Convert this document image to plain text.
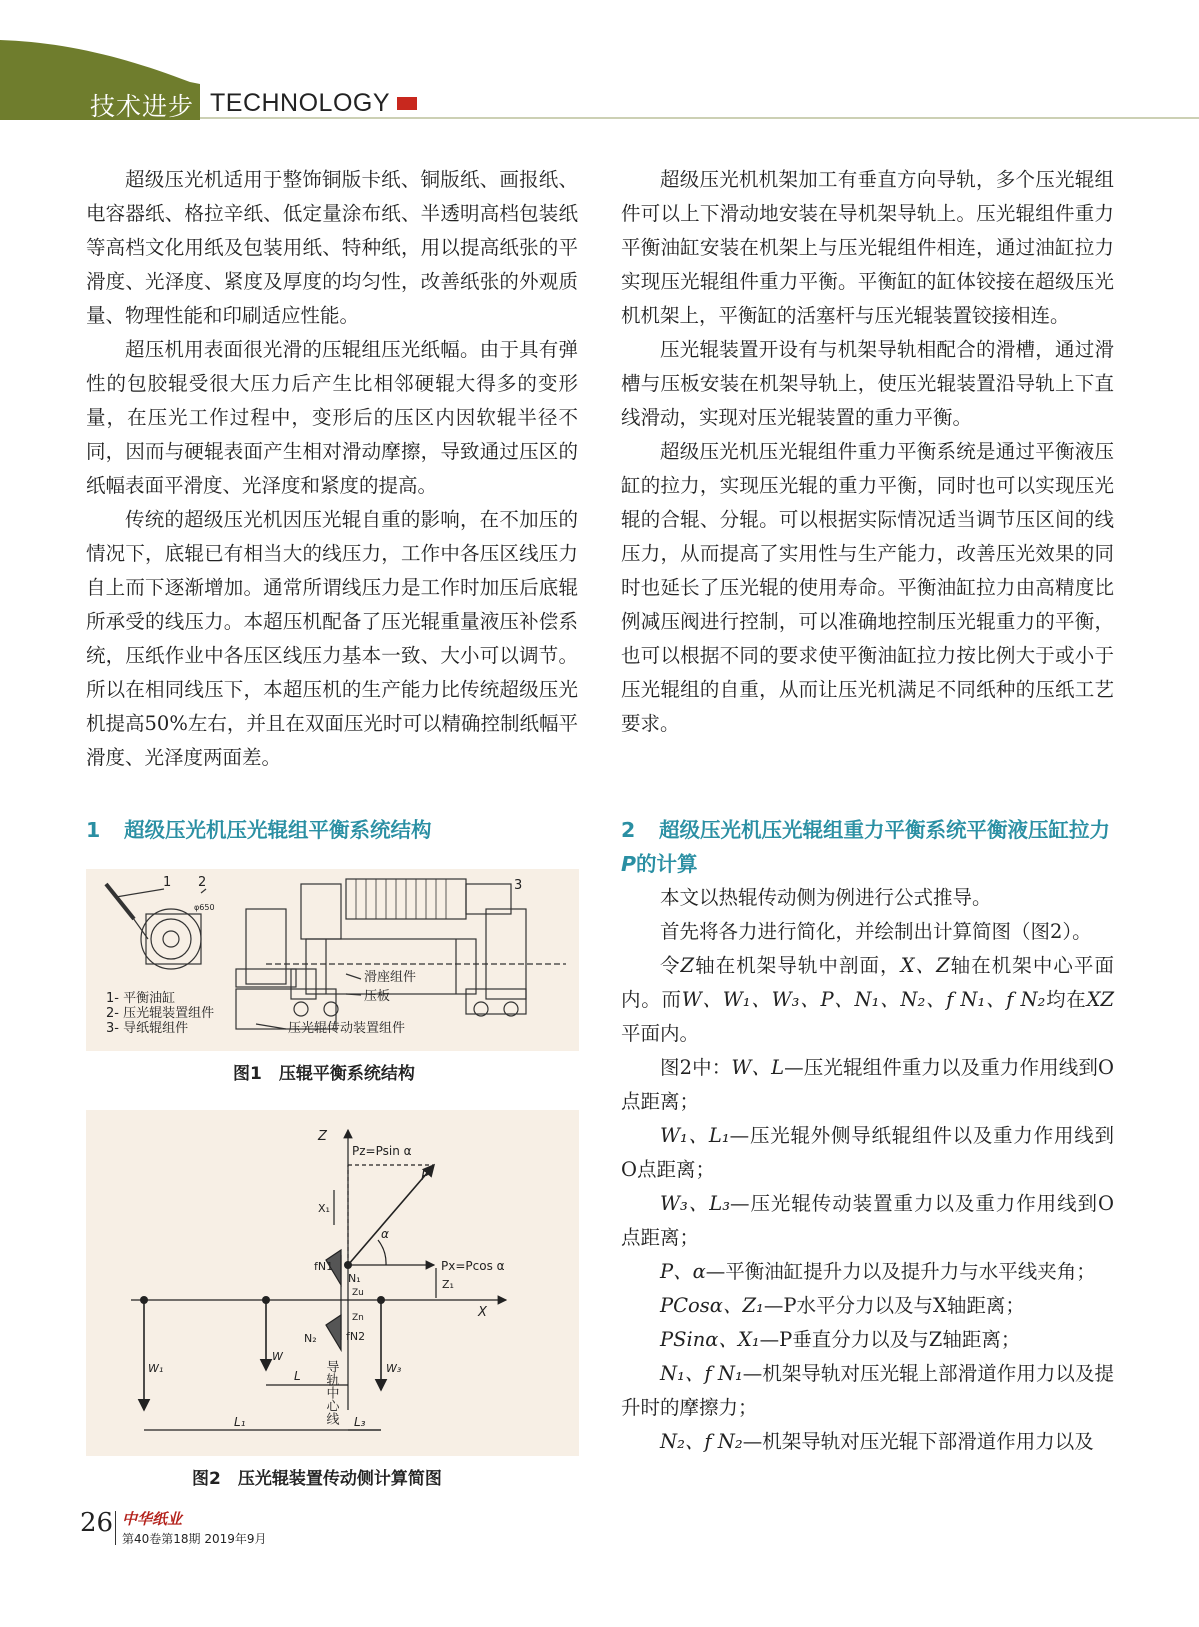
技术进步 TECHNOLOGY

超级压光机适用于整饰铜版卡纸、铜版纸、画报纸、电容器纸、格拉辛纸、低定量涂布纸、半透明高档包装纸等高档文化用纸及包装用纸、特种纸，用以提高纸张的平滑度、光泽度、紧度及厚度的均匀性，改善纸张的外观质量、物理性能和印刷适应性能。

超压机用表面很光滑的压辊组压光纸幅。由于具有弹性的包胶辊受很大压力后产生比相邻硬辊大得多的变形量，在压光工作过程中，变形后的压区内因软辊半径不同，因而与硬辊表面产生相对滑动摩擦，导致通过压区的纸幅表面平滑度、光泽度和紧度的提高。

传统的超级压光机因压光辊自重的影响，在不加压的情况下，底辊已有相当大的线压力，工作中各压区线压力自上而下逐渐增加。通常所谓线压力是工作时加压后底辊所承受的线压力。本超压机配备了压光辊重量液压补偿系统，压纸作业中各压区线压力基本一致、大小可以调节。所以在相同线压下，本超压机的生产能力比传统超级压光机提高50%左右，并且在双面压光时可以精确控制纸幅平滑度、光泽度两面差。

超级压光机机架加工有垂直方向导轨，多个压光辊组件可以上下滑动地安装在导机架导轨上。压光辊组件重力平衡油缸安装在机架上与压光辊组件相连，通过油缸拉力实现压光辊组件重力平衡。平衡缸的缸体铰接在超级压光机机架上，平衡缸的活塞杆与压光辊装置铰接相连。

压光辊装置开设有与机架导轨相配合的滑槽，通过滑槽与压板安装在机架导轨上，使压光辊装置沿导轨上下直线滑动，实现对压光辊装置的重力平衡。

超级压光机压光辊组件重力平衡系统是通过平衡液压缸的拉力，实现压光辊的重力平衡，同时也可以实现压光辊的合辊、分辊。可以根据实际情况适当调节压区间的线压力，从而提高了实用性与生产能力，改善压光效果的同时也延长了压光辊的使用寿命。平衡油缸拉力由高精度比例减压阀进行控制，可以准确地控制压光辊重力的平衡，也可以根据不同的要求使平衡油缸拉力按比例大于或小于压光辊组的自重，从而让压光机满足不同纸种的压纸工艺要求。

1 超级压光机压光辊组平衡系统结构
1 2	3
φ650
滑座组件
压板
压光辊传动装置组件
1- 平衡油缸
2- 压光辊装置组件
3- 导纸辊组件
图1　压辊平衡系统结构
Z
X
Pz=Psin α
Px=Pcos α
P
α
X₁
Z₁
fN1
N₁
N₂	fN2
Zu
Zn
W₁
W
W₃
L
L₁	L₃
导轨中心线
图2　压光辊装置传动侧计算简图
2 超级压光机压光辊组重力平衡系统平衡液压缸拉力P的计算

本文以热辊传动侧为例进行公式推导。

首先将各力进行简化，并绘制出计算简图（图2）。

令Z轴在机架导轨中剖面，X、Z轴在机架中心平面内。而W、W₁、W₃、P、N₁、N₂、f N₁、f N₂均在XZ平面内。

图2中：W、L—压光辊组件重力以及重力作用线到O点距离；

W₁、L₁—压光辊外侧导纸辊组件以及重力作用线到O点距离；

W₃、L₃—压光辊传动装置重力以及重力作用线到O点距离；

P、α—平衡油缸提升力以及提升力与水平线夹角；

PCosα、Z₁—P水平分力以及与X轴距离；

PSinα、X₁—P垂直分力以及与Z轴距离；

N₁、f N₁—机架导轨对压光辊上部滑道作用力以及提升时的摩擦力；

N₂、f N₂—机架导轨对压光辊下部滑道作用力以及

26 中华纸业
第40卷第18期 2019年9月
